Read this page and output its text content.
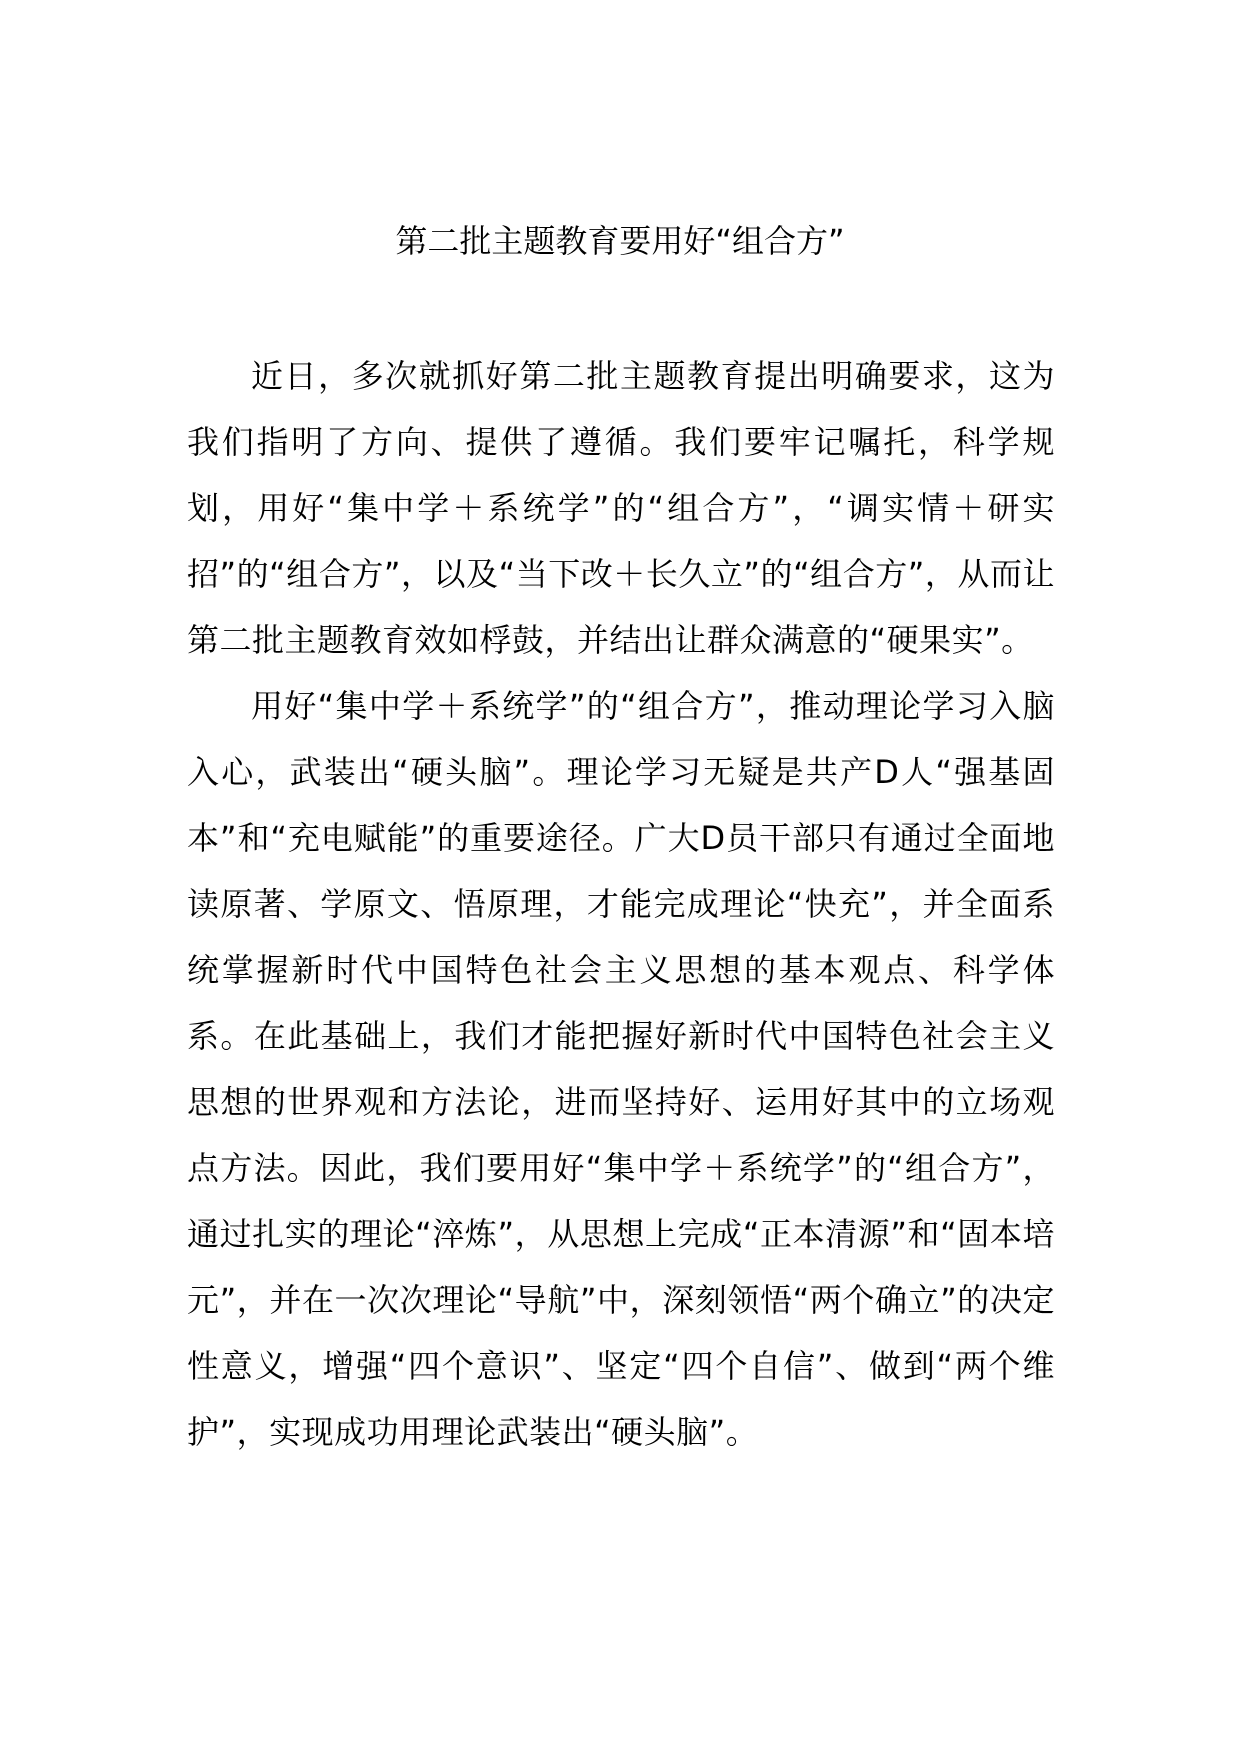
第二批主题教育要用好“组合方”

近日，多次就抓好第二批主题教育提出明确要求，这为我们指明了方向、提供了遵循。我们要牢记嘱托，科学规划，用好“集中学＋系统学”的“组合方”，“调实情＋研实招”的“组合方”，以及“当下改＋长久立”的“组合方”，从而让第二批主题教育效如桴鼓，并结出让群众满意的“硬果实”。

用好“集中学＋系统学”的“组合方”，推动理论学习入脑入心，武装出“硬头脑”。理论学习无疑是共产D人“强基固本”和“充电赋能”的重要途径。广大D员干部只有通过全面地读原著、学原文、悟原理，才能完成理论“快充”，并全面系统掌握新时代中国特色社会主义思想的基本观点、科学体系。在此基础上，我们才能把握好新时代中国特色社会主义思想的世界观和方法论，进而坚持好、运用好其中的立场观点方法。因此，我们要用好“集中学＋系统学”的“组合方”，通过扎实的理论“淬炼”，从思想上完成“正本清源”和“固本培元”，并在一次次理论“导航”中，深刻领悟“两个确立”的决定性意义，增强“四个意识”、坚定“四个自信”、做到“两个维护”，实现成功用理论武装出“硬头脑”。
